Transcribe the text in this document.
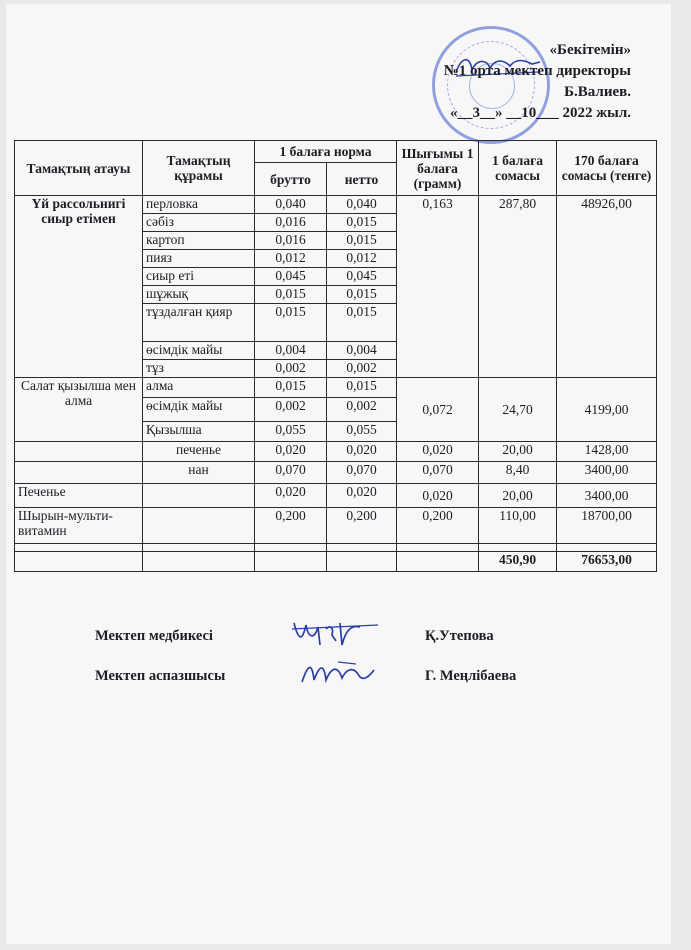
«Бекітемін»
№1 орта мектеп директоры
Б.Валиев.
«__3__» __10___ 2022 жыл.
Тамақтың атауы	Тамақтың құрамы	1 балаға норма		Шығымы 1 балаға (грамм)	1 балаға сомасы	170 балаға сомасы (тенге)
		брутто	нетто			
Үй рассольнигі сиыр етімен	перловка	0,040	0,040	0,163	287,80	48926,00
	сәбіз	0,016	0,015			
	картоп	0,016	0,015			
	пияз	0,012	0,012			
	сиыр еті	0,045	0,045			
	шұжық	0,015	0,015			
	тұздалған қияр	0,015	0,015			
	өсімдік майы	0,004	0,004			
	тұз	0,002	0,002			
Салат қызылша мен алма	алма	0,015	0,015	0,072	24,70	4199,00
	өсімдік майы	0,002	0,002			
	Қызылша	0,055	0,055			
	печенье	0,020	0,020	0,020	20,00	1428,00
	нан	0,070	0,070	0,070	8,40	3400,00
Печенье		0,020	0,020	0,020	20,00	3400,00
Шырын-мульти-витамин		0,200	0,200	0,200	110,00	18700,00

					450,90	76653,00
Мектеп медбикесі	Қ.Утепова
Мектеп аспазшысы	Г. Меңлібаева
